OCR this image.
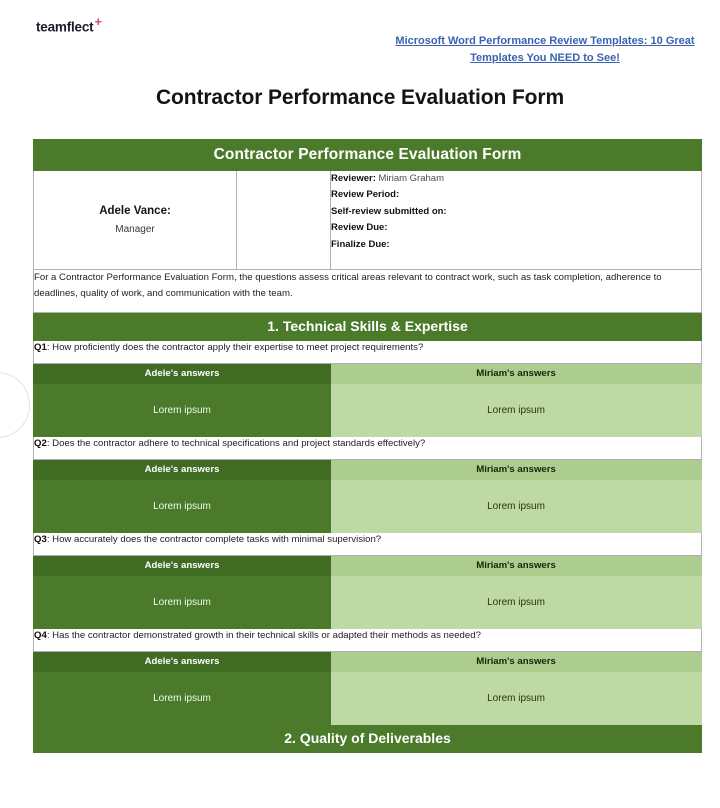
teamflect+
Microsoft Word Performance Review Templates: 10 Great Templates You NEED to See!
Contractor Performance Evaluation Form
Contractor Performance Evaluation Form		

Adele Vance:
Manager

Reviewer: Miriam Graham
Review Period:
Self-review submitted on:
Review Due:
Finalize Due:

For a Contractor Performance Evaluation Form, the questions assess critical areas relevant to contract work, such as task completion, adherence to deadlines, quality of work, and communication with the team.		

1. Technical Skills & Expertise		

Q1: How proficiently does the contractor apply their expertise to meet project requirements?		

Adele's answers		Miriam's answers
Lorem ipsum		Lorem ipsum

Q2: Does the contractor adhere to technical specifications and project standards effectively?		

Adele's answers		Miriam's answers
Lorem ipsum		Lorem ipsum

Q3: How accurately does the contractor complete tasks with minimal supervision?		

Adele's answers		Miriam's answers
Lorem ipsum		Lorem ipsum

Q4: Has the contractor demonstrated growth in their technical skills or adapted their methods as needed?		

Adele's answers		Miriam's answers
Lorem ipsum		Lorem ipsum
2. Quality of Deliverables		
